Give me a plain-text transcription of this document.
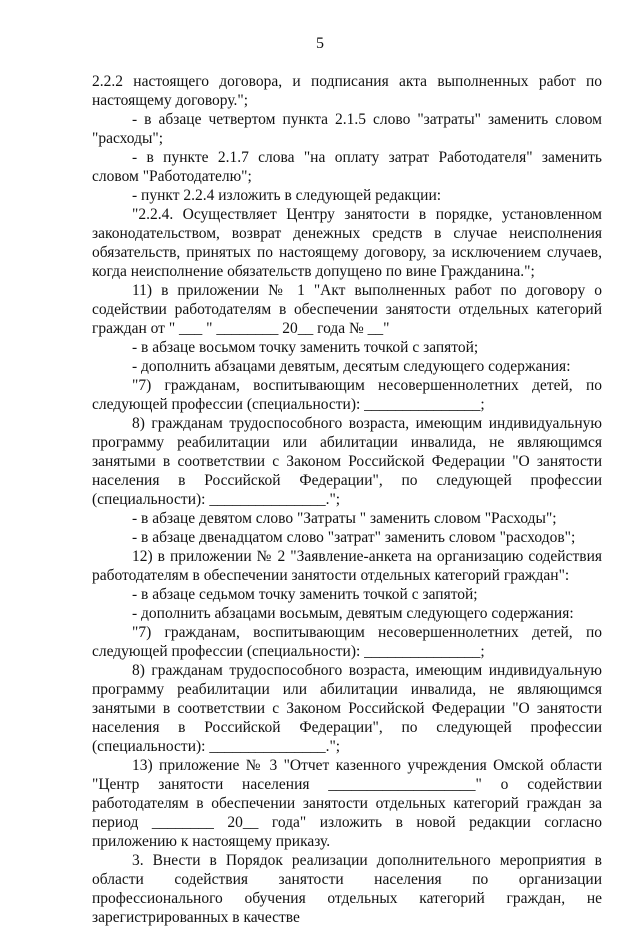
5

2.2.2 настоящего договора, и подписания акта выполненных работ по настоящему договору.";

- в абзаце четвертом пункта 2.1.5 слово "затраты" заменить словом "расходы";

- в пункте 2.1.7 слова "на оплату затрат Работодателя" заменить словом "Работодателю";

- пункт 2.2.4 изложить в следующей редакции:

"2.2.4. Осуществляет Центру занятости в порядке, установленном законодательством, возврат денежных средств в случае неисполнения обязательств, принятых по настоящему договору, за исключением случаев, когда неисполнение обязательств допущено по вине Гражданина.";

11) в приложении № 1 "Акт выполненных работ по договору о содействии работодателям в обеспечении занятости отдельных категорий граждан от " ___ " ________ 20__ года № __"

- в абзаце восьмом точку заменить точкой с запятой;

- дополнить абзацами девятым, десятым следующего содержания:

"7) гражданам, воспитывающим несовершеннолетних детей, по следующей профессии (специальности): _______________;

8) гражданам трудоспособного возраста, имеющим индивидуальную программу реабилитации или абилитации инвалида, не являющимся занятыми в соответствии с Законом Российской Федерации "О занятости населения в Российской Федерации", по следующей профессии (специальности): _______________.";

- в абзаце девятом слово "Затраты " заменить словом "Расходы";

- в абзаце двенадцатом слово "затрат" заменить словом "расходов";

12) в приложении № 2 "Заявление-анкета на организацию содействия работодателям в обеспечении занятости отдельных категорий граждан":

- в абзаце седьмом точку заменить точкой с запятой;

- дополнить абзацами восьмым, девятым следующего содержания:

"7) гражданам, воспитывающим несовершеннолетних детей, по следующей профессии (специальности): _______________;

8) гражданам трудоспособного возраста, имеющим индивидуальную программу реабилитации или абилитации инвалида, не являющимся занятыми в соответствии с Законом Российской Федерации "О занятости населения в Российской Федерации", по следующей профессии (специальности): _______________.";

13) приложение № 3 "Отчет казенного учреждения Омской области "Центр занятости населения ___________________" о содействии работодателям в обеспечении занятости отдельных категорий граждан за период ________ 20__ года" изложить в новой редакции согласно приложению к настоящему приказу.

3. Внести в Порядок реализации дополнительного мероприятия в области содействия занятости населения по организации профессионального обучения отдельных категорий граждан, не зарегистрированных в качестве
